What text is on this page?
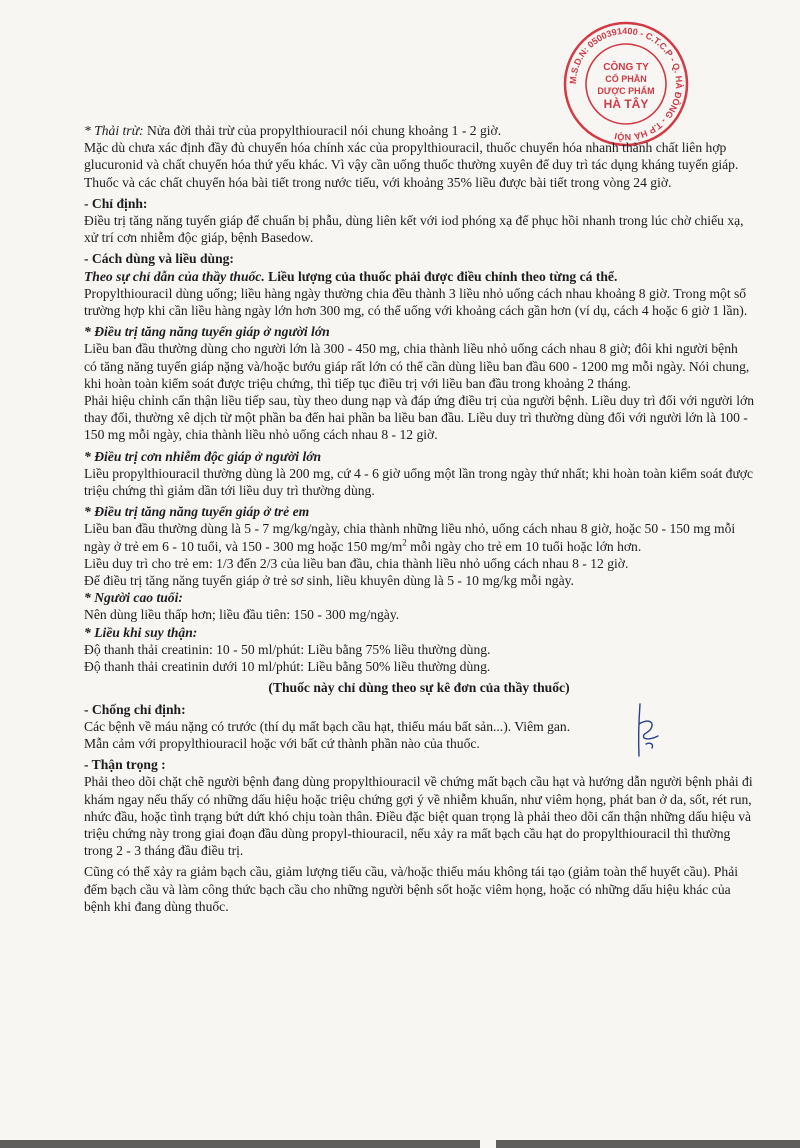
M.S.D.N: 0500391400 - C.T.C.P - Q. HÀ ĐÔNG - T.P HÀ NỘI
CÔNG TY
CỔ PHẦN
DƯỢC PHẨM
HÀ TÂY

* Thải trừ: Nửa đời thải trừ của propylthiouracil nói chung khoảng 1 - 2 giờ.

Mặc dù chưa xác định đầy đủ chuyển hóa chính xác của propylthiouracil, thuốc chuyển hóa nhanh thành chất liên hợp glucuronid và chất chuyển hóa thứ yếu khác. Vì vậy cần uống thuốc thường xuyên để duy trì tác dụng kháng tuyến giáp. Thuốc và các chất chuyển hóa bài tiết trong nước tiểu, với khoảng 35% liều được bài tiết trong vòng 24 giờ.

- Chỉ định:

Điều trị tăng năng tuyến giáp để chuẩn bị phẫu, dùng liên kết với iod phóng xạ để phục hồi nhanh trong lúc chờ chiếu xạ, xử trí cơn nhiễm độc giáp, bệnh Basedow.

- Cách dùng và liều dùng:

Theo sự chỉ dẫn của thầy thuốc. Liều lượng của thuốc phải được điều chỉnh theo từng cá thể.

Propylthiouracil dùng uống; liều hàng ngày thường chia đều thành 3 liều nhỏ uống cách nhau khoảng 8 giờ. Trong một số trường hợp khi cần liều hàng ngày lớn hơn 300 mg, có thể uống với khoảng cách gần hơn (ví dụ, cách 4 hoặc 6 giờ 1 lần).

* Điều trị tăng năng tuyến giáp ở người lớn

Liều ban đầu thường dùng cho người lớn là 300 - 450 mg, chia thành liều nhỏ uống cách nhau 8 giờ; đôi khi người bệnh có tăng năng tuyến giáp nặng và/hoặc bướu giáp rất lớn có thể cần dùng liều ban đầu 600 - 1200 mg mỗi ngày. Nói chung, khi hoàn toàn kiểm soát được triệu chứng, thì tiếp tục điều trị với liều ban đầu trong khoảng 2 tháng.

Phải hiệu chỉnh cẩn thận liều tiếp sau, tùy theo dung nạp và đáp ứng điều trị của người bệnh. Liều duy trì đối với người lớn thay đổi, thường xê dịch từ một phần ba đến hai phần ba liều ban đầu. Liều duy trì thường dùng đối với người lớn là 100 - 150 mg mỗi ngày, chia thành liều nhỏ uống cách nhau 8 - 12 giờ.

* Điều trị cơn nhiễm độc giáp ở người lớn

Liều propylthiouracil thường dùng là 200 mg, cứ 4 - 6 giờ uống một lần trong ngày thứ nhất; khi hoàn toàn kiểm soát được triệu chứng thì giảm dần tới liều duy trì thường dùng.

* Điều trị tăng năng tuyến giáp ở trẻ em

Liều ban đầu thường dùng là 5 - 7 mg/kg/ngày, chia thành những liều nhỏ, uống cách nhau 8 giờ, hoặc 50 - 150 mg mỗi ngày ở trẻ em 6 - 10 tuổi, và 150 - 300 mg hoặc 150 $mg/m^2$ mỗi ngày cho trẻ em 10 tuổi hoặc lớn hơn.

Liều duy trì cho trẻ em: 1/3 đến 2/3 của liều ban đầu, chia thành liều nhỏ uống cách nhau 8 - 12 giờ.

Để điều trị tăng năng tuyến giáp ở trẻ sơ sinh, liều khuyên dùng là 5 - 10 mg/kg mỗi ngày.

* Người cao tuổi:

Nên dùng liều thấp hơn; liều đầu tiên: 150 - 300 mg/ngày.

* Liều khi suy thận:

Độ thanh thải creatinin: 10 - 50 ml/phút: Liều bằng 75% liều thường dùng.

Độ thanh thải creatinin dưới 10 ml/phút: Liều bằng 50% liều thường dùng.

(Thuốc này chỉ dùng theo sự kê đơn của thầy thuốc)

- Chống chỉ định:

Các bệnh về máu nặng có trước (thí dụ mất bạch cầu hạt, thiếu máu bất sản...). Viêm gan.

Mẫn cảm với propylthiouracil hoặc với bất cứ thành phần nào của thuốc.

- Thận trọng :

Phải theo dõi chặt chẽ người bệnh đang dùng propylthiouracil về chứng mất bạch cầu hạt và hướng dẫn người bệnh phải đi khám ngay nếu thấy có những dấu hiệu hoặc triệu chứng gợi ý về nhiễm khuẩn, như viêm họng, phát ban ở da, sốt, rét run, nhức đầu, hoặc tình trạng bứt dứt khó chịu toàn thân. Điều đặc biệt quan trọng là phải theo dõi cẩn thận những dấu hiệu và triệu chứng này trong giai đoạn đầu dùng propyl-thiouracil, nếu xảy ra mất bạch cầu hạt do propylthiouracil thì thường trong 2 - 3 tháng đầu điều trị.

Cũng có thể xảy ra giảm bạch cầu, giảm lượng tiểu cầu, và/hoặc thiếu máu không tái tạo (giảm toàn thể huyết cầu). Phải đếm bạch cầu và làm công thức bạch cầu cho những người bệnh sốt hoặc viêm họng, hoặc có những dấu hiệu khác của bệnh khi đang dùng thuốc.
